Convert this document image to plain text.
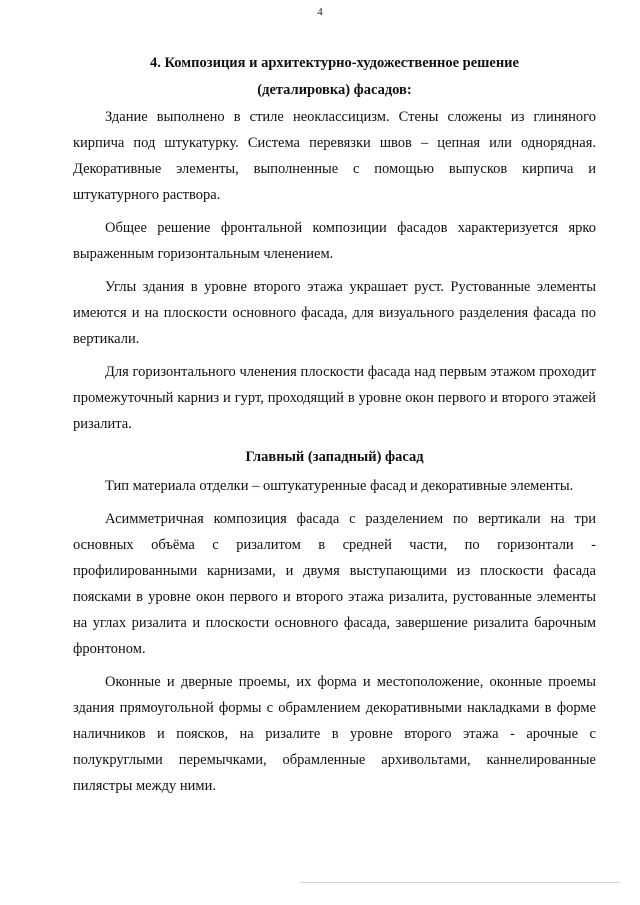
4
4. Композиция и архитектурно-художественное решение
(деталировка) фасадов:

Здание выполнено в стиле неоклассицизм. Стены сложены из глиняного кирпича под штукатурку. Система перевязки швов – цепная или однорядная. Декоративные элементы, выполненные с помощью выпусков кирпича и штукатурного раствора.

Общее решение фронтальной композиции фасадов характеризуется ярко выраженным горизонтальным членением.

Углы здания в уровне второго этажа украшает руст. Рустованные элементы имеются и на плоскости основного фасада, для визуального разделения фасада по вертикали.

Для горизонтального членения плоскости фасада над первым этажом проходит промежуточный карниз и гурт, проходящий в уровне окон первого и второго этажей ризалита.

Главный (западный) фасад

Тип материала отделки – оштукатуренные фасад и декоративные элементы.

Асимметричная композиция фасада с разделением по вертикали на три основных объёма с ризалитом в средней части, по горизонтали - профилированными карнизами, и двумя выступающими из плоскости фасада поясками в уровне окон первого и второго этажа ризалита, рустованные элементы на углах ризалита и плоскости основного фасада, завершение ризалита барочным фронтоном.

Оконные и дверные проемы, их форма и местоположение, оконные проемы здания прямоугольной формы с обрамлением декоративными накладками в форме наличников и поясков, на ризалите в уровне второго этажа - арочные с полукруглыми перемычками, обрамленные архивольтами, каннелированные пилястры между ними.
